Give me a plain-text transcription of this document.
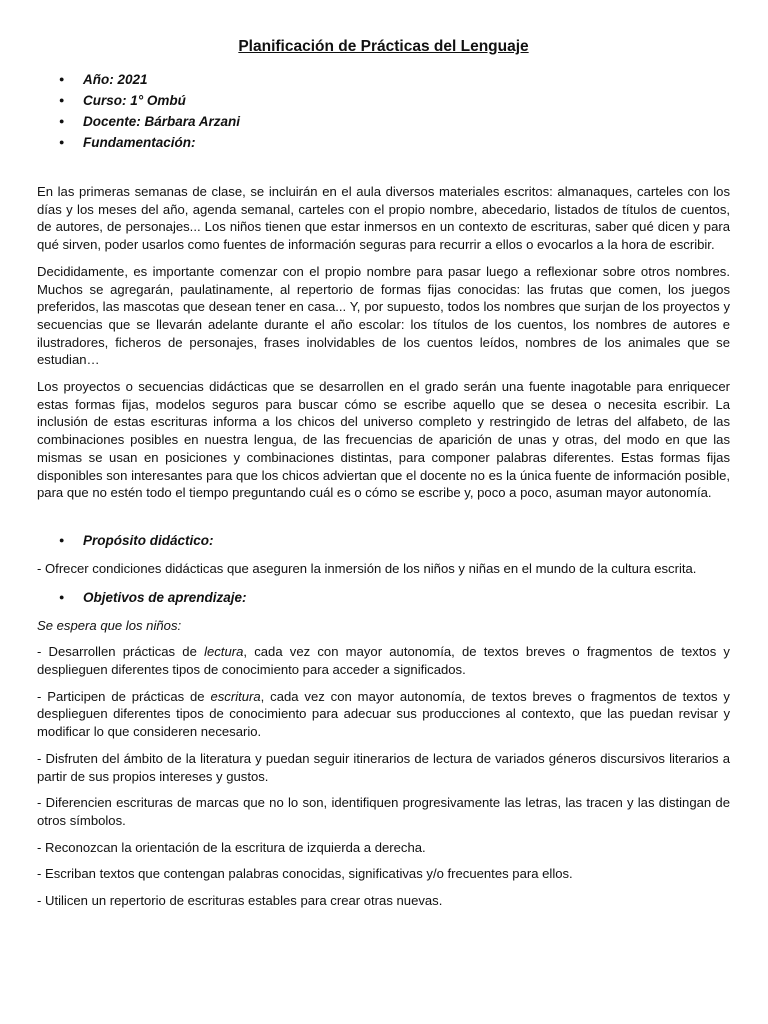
Planificación de Prácticas del Lenguaje
● Año: 2021
● Curso: 1° Ombú
● Docente: Bárbara Arzani
● Fundamentación:

En las primeras semanas de clase, se incluirán en el aula diversos materiales escritos: almanaques, carteles con los días y los meses del año, agenda semanal, carteles con el propio nombre, abecedario, listados de títulos de cuentos, de autores, de personajes... Los niños tienen que estar inmersos en un contexto de escrituras, saber qué dicen y para qué sirven, poder usarlos como fuentes de información seguras para recurrir a ellos o evocarlos a la hora de escribir.

Decididamente, es importante comenzar con el propio nombre para pasar luego a reflexionar sobre otros nombres. Muchos se agregarán, paulatinamente, al repertorio de formas fijas conocidas: las frutas que comen, los juegos preferidos, las mascotas que desean tener en casa... Y, por supuesto, todos los nombres que surjan de los proyectos y secuencias que se llevarán adelante durante el año escolar: los títulos de los cuentos, los nombres de autores e ilustradores, ficheros de personajes, frases inolvidables de los cuentos leídos, nombres de los animales que se estudian…

Los proyectos o secuencias didácticas que se desarrollen en el grado serán una fuente inagotable para enriquecer estas formas fijas, modelos seguros para buscar cómo se escribe aquello que se desea o necesita escribir. La inclusión de estas escrituras informa a los chicos del universo completo y restringido de letras del alfabeto, de las combinaciones posibles en nuestra lengua, de las frecuencias de aparición de unas y otras, del modo en que las mismas se usan en posiciones y combinaciones distintas, para componer palabras diferentes. Estas formas fijas disponibles son interesantes para que los chicos adviertan que el docente no es la única fuente de información posible, para que no estén todo el tiempo preguntando cuál es o cómo se escribe y, poco a poco, asuman mayor autonomía.

● Propósito didáctico:

- Ofrecer condiciones didácticas que aseguren la inmersión de los niños y niñas en el mundo de la cultura escrita.

● Objetivos de aprendizaje:

Se espera que los niños:

- Desarrollen prácticas de lectura, cada vez con mayor autonomía, de textos breves o fragmentos de textos y desplieguen diferentes tipos de conocimiento para acceder a significados.

- Participen de prácticas de escritura, cada vez con mayor autonomía, de textos breves o fragmentos de textos y desplieguen diferentes tipos de conocimiento para adecuar sus producciones al contexto, que las puedan revisar y modificar lo que consideren necesario.

- Disfruten del ámbito de la literatura y puedan seguir itinerarios de lectura de variados géneros discursivos literarios a partir de sus propios intereses y gustos.

- Diferencien escrituras de marcas que no lo son, identifiquen progresivamente las letras, las tracen y las distingan de otros símbolos.

- Reconozcan la orientación de la escritura de izquierda a derecha.

- Escriban textos que contengan palabras conocidas, significativas y/o frecuentes para ellos.

- Utilicen un repertorio de escrituras estables para crear otras nuevas.
